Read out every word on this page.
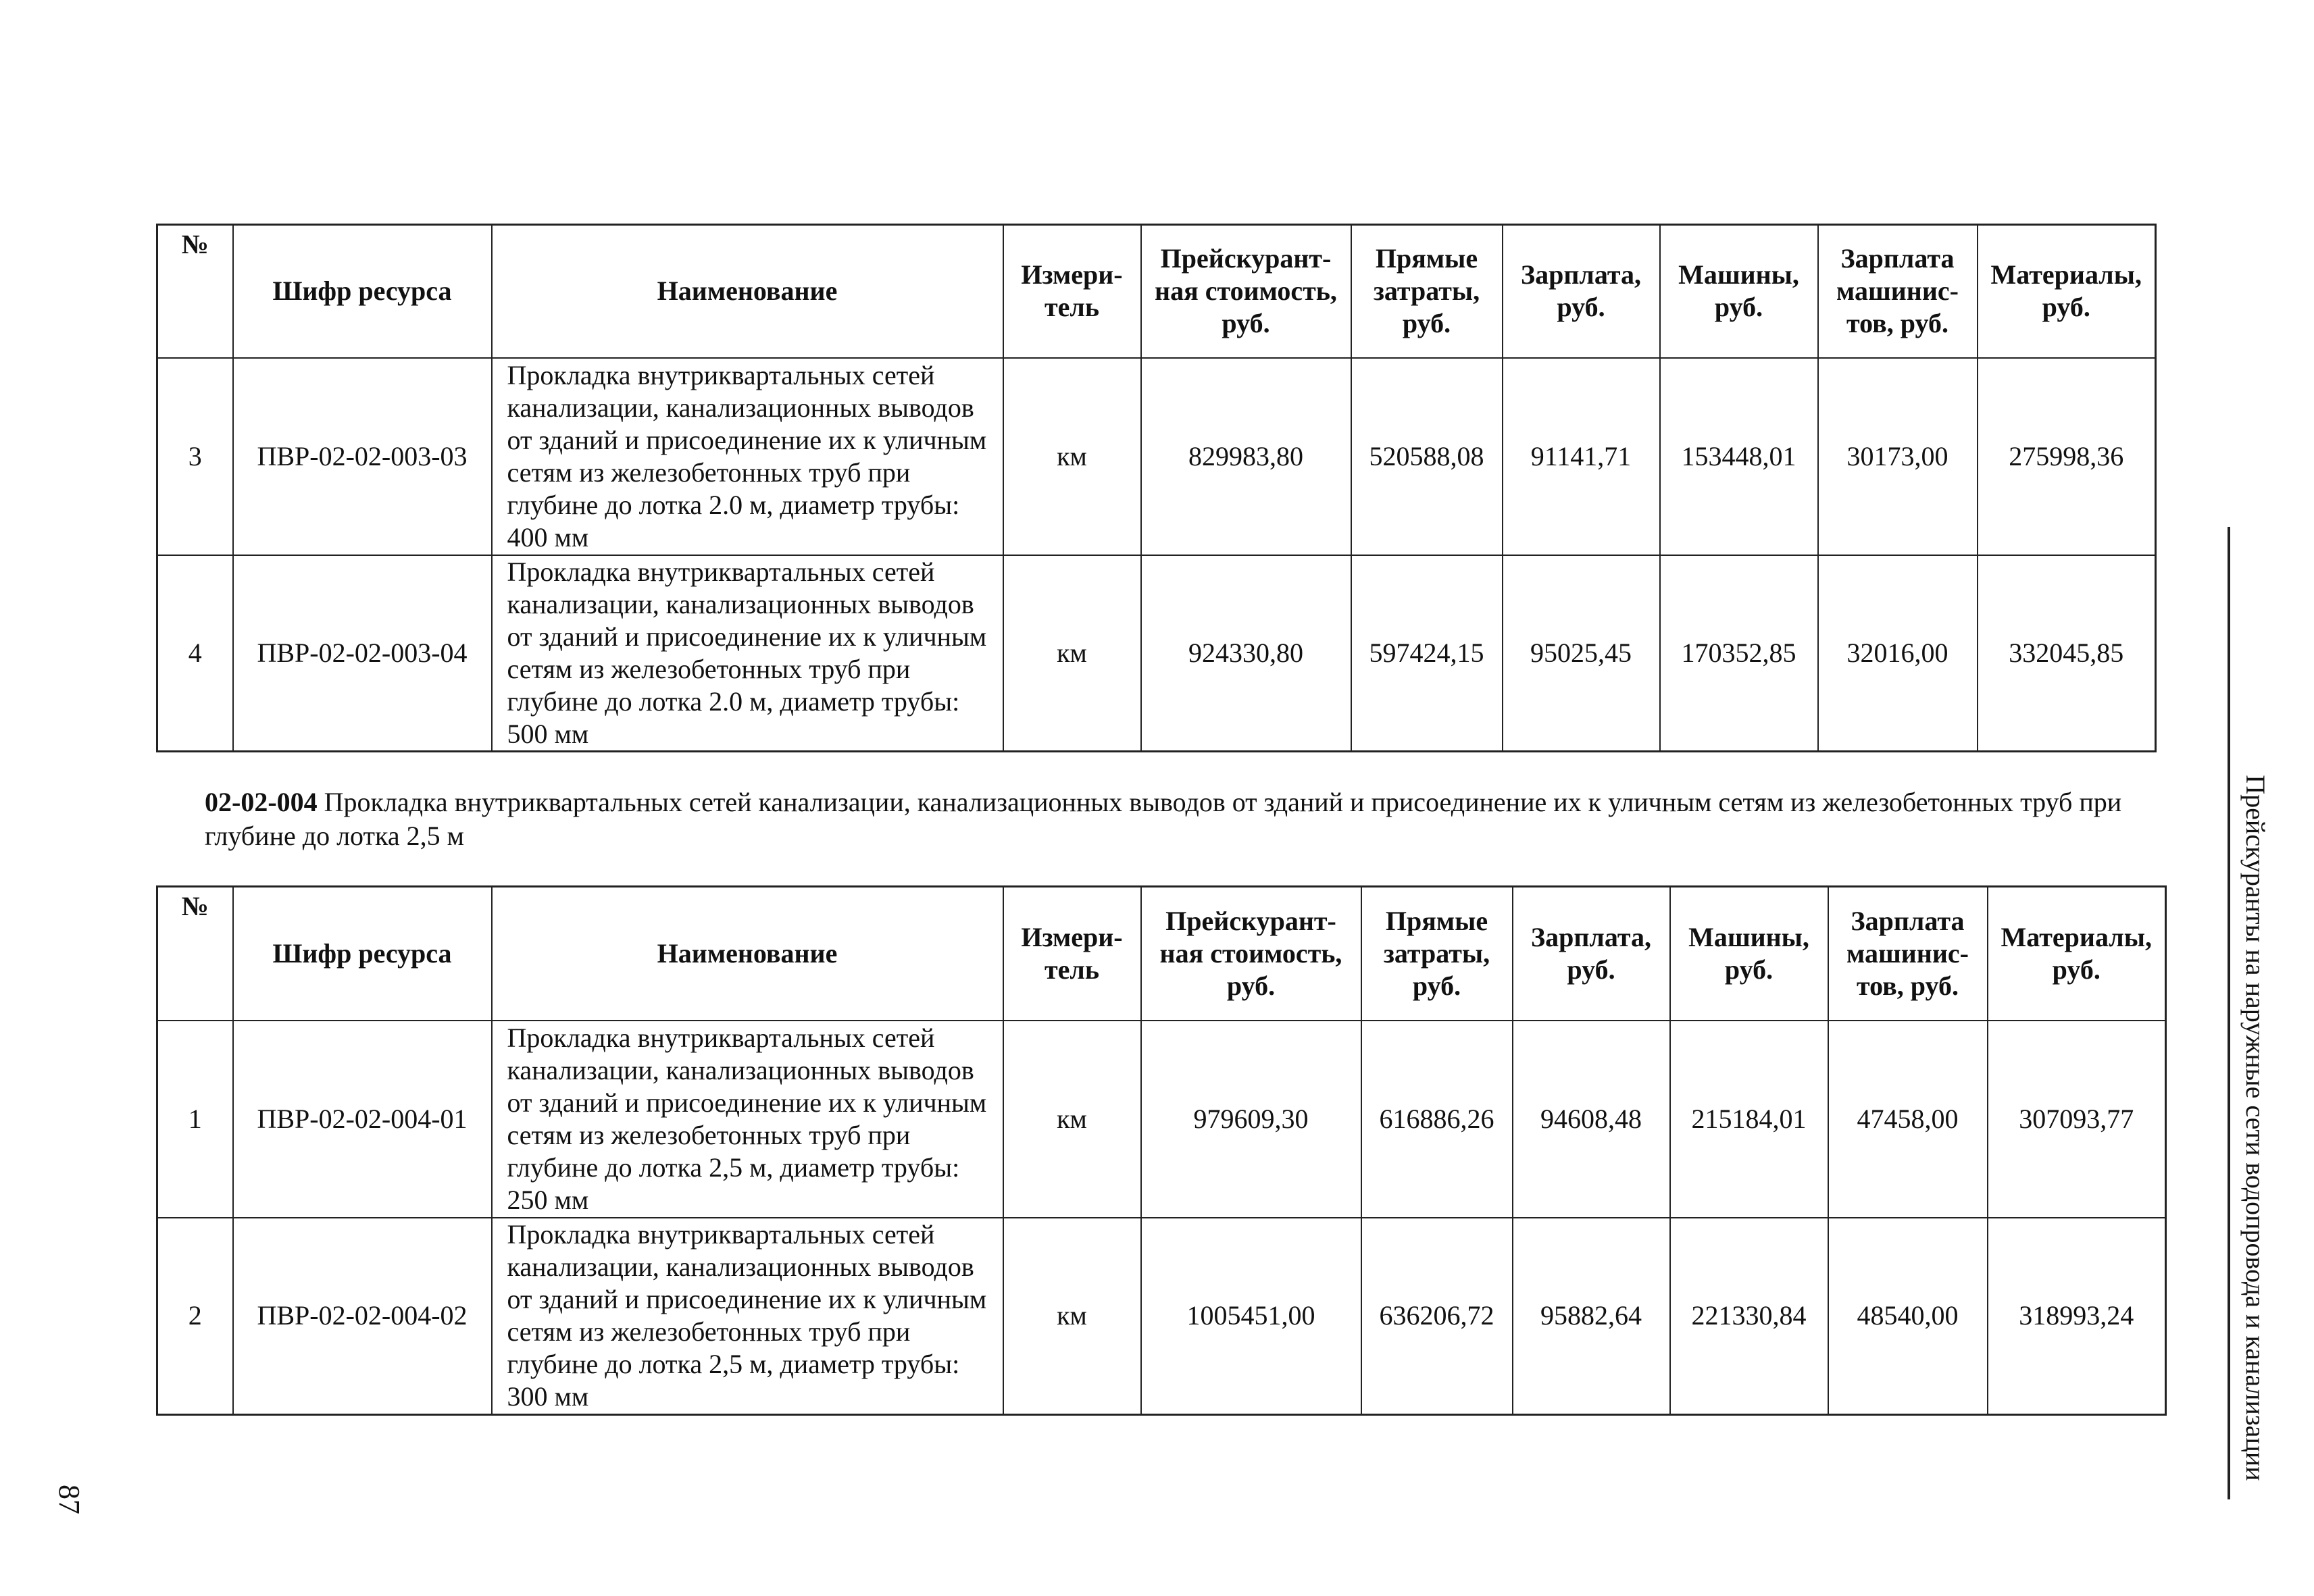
№	Шифр ресурса	Наименование	Измери-тель	Прейскурант-ная стоимость, руб.	Прямые затраты, руб.	Зарплата, руб.	Машины, руб.	Зарплата машинис-тов, руб.	Материалы, руб.
3	ПВР-02-02-003-03	Прокладка внутриквартальных сетей канализации, канализационных выводов от зданий и присоединение их к уличным сетям из железобетонных труб при глубине до лотка 2.0 м, диаметр трубы: 400 мм	км	829983,80	520588,08	91141,71	153448,01	30173,00	275998,36
4	ПВР-02-02-003-04	Прокладка внутриквартальных сетей канализации, канализационных выводов от зданий и присоединение их к уличным сетям из железобетонных труб при глубине до лотка 2.0 м, диаметр трубы: 500 мм	км	924330,80	597424,15	95025,45	170352,85	32016,00	332045,85
02-02-004 Прокладка внутриквартальных сетей канализации, канализационных выводов от зданий и присоединение их к уличным сетям из железобетонных труб при глубине до лотка 2,5 м
№	Шифр ресурса	Наименование	Измери-тель	Прейскурант-ная стоимость, руб.	Прямые затраты, руб.	Зарплата, руб.	Машины, руб.	Зарплата машинис-тов, руб.	Материалы, руб.
1	ПВР-02-02-004-01	Прокладка внутриквартальных сетей канализации, канализационных выводов от зданий и присоединение их к уличным сетям из железобетонных труб при глубине до лотка 2,5 м, диаметр трубы: 250 мм	км	979609,30	616886,26	94608,48	215184,01	47458,00	307093,77
2	ПВР-02-02-004-02	Прокладка внутриквартальных сетей канализации, канализационных выводов от зданий и присоединение их к уличным сетям из железобетонных труб при глубине до лотка 2,5 м, диаметр трубы: 300 мм	км	1005451,00	636206,72	95882,64	221330,84	48540,00	318993,24	Прейскуранты на наружные сети водопровода и канализации
87
